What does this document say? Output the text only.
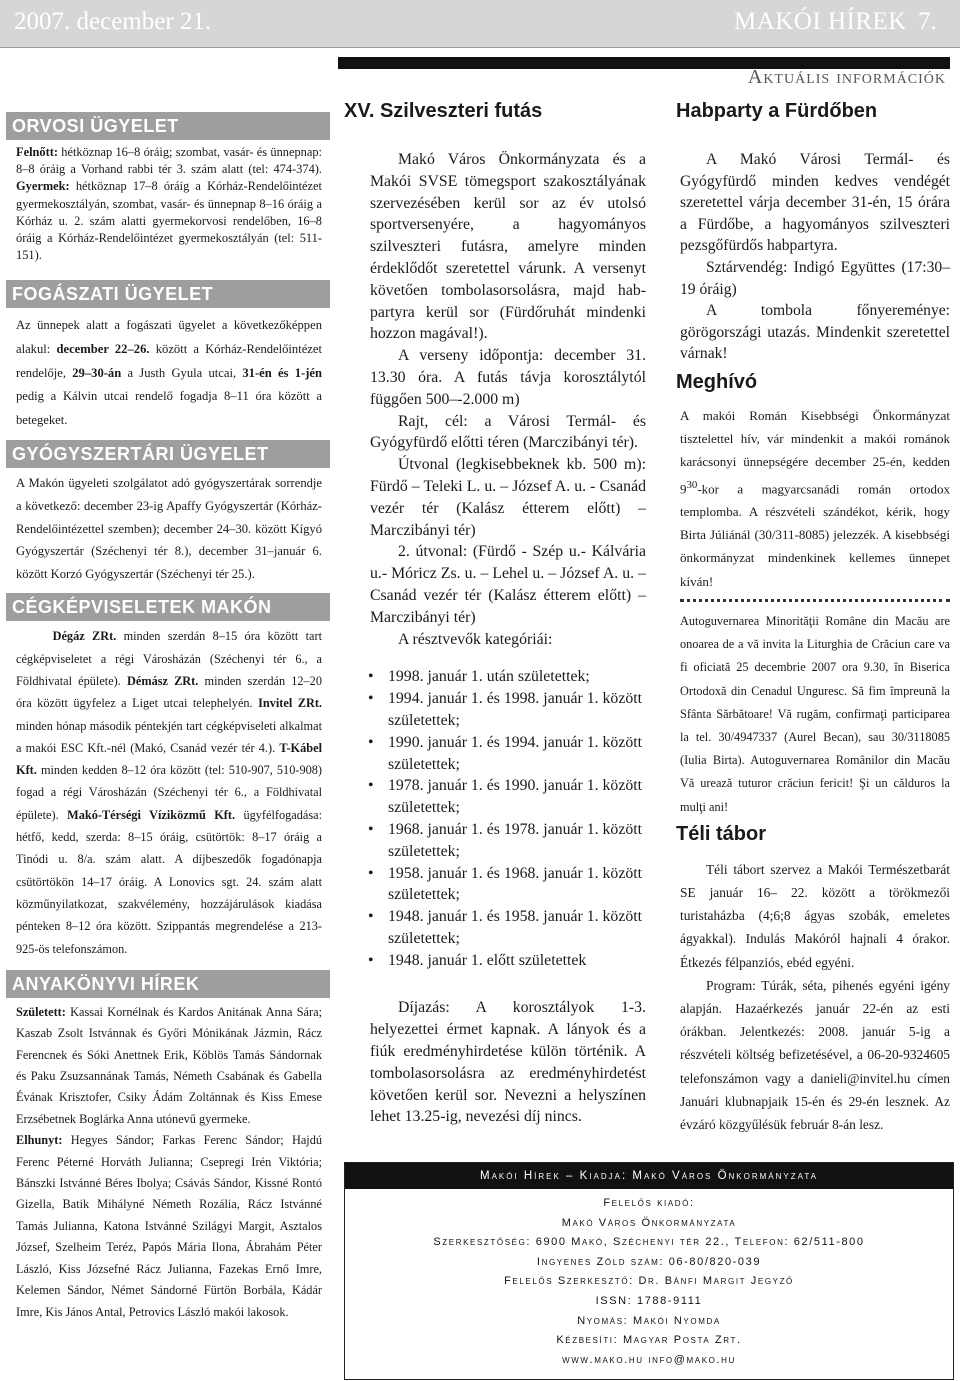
2007. december 21.	MAKÓI HÍREK 7.
Aktuális információk
ORVOSI ÜGYELET
Felnőtt: hétköznap 16–8 óráig; szombat, vasár- és ünnepnap: 8–8 óráig a Vorhand rabbi tér 3. szám alatt (tel: 474-374). Gyermek: hétköznap 17–8 óráig a Kórház-Rendelőintézet gyermekosztályán, szombat, vasár- és ünnepnap 8–16 óráig a Kórház u. 2. szám alatti gyermekorvosi rendelőben, 16–8 óráig a Kórház-Rendelőintézet gyermekosztályán (tel: 511-151).
FOGÁSZATI ÜGYELET
Az ünnepek alatt a fogászati ügyelet a következőképpen alakul: december 22–26. között a Kórház-Rendelőintézet rendelője, 29–30-án a Justh Gyula utcai, 31-én és 1-jén pedig a Kálvin utcai rendelő fogadja 8–11 óra között a betegeket.
GYÓGYSZERTÁRI ÜGYELET
A Makón ügyeleti szolgálatot adó gyógyszertárak sorrendje a következő: december 23-ig Apaffy Gyógyszertár (Kórház-Rendelőintézettel szemben); december 24–30. között Kígyó Gyógyszertár (Széchenyi tér 8.), december 31–január 6. között Korzó Gyógyszertár (Széchenyi tér 25.).
CÉGKÉPVISELETEK MAKÓN
Dégáz ZRt. minden szerdán 8–15 óra között tart cégképviseletet a régi Városházán (Széchenyi tér 6., a Földhivatal épülete). Démász ZRt. minden szerdán 12–20 óra között ügyfelez a Liget utcai telephelyén. Invitel ZRt. minden hónap második péntekjén tart cégképviseleti alkalmat a makói ESC Kft.-nél (Makó, Csanád vezér tér 4.). T-Kábel Kft. minden kedden 8–12 óra között (tel: 510-907, 510-908) fogad a régi Városházán (Széchenyi tér 6., a Földhivatal épülete). Makó-Térségi Víziközmű Kft. ügyfélfogadása: hétfő, kedd, szerda: 8–15 óráig, csütörtök: 8–17 óráig a Tinódi u. 8/a. szám alatt. A díjbeszedők fogadónapja csütörtökön 14–17 óráig. A Lonovics sgt. 24. szám alatt közműnyilatkozat, szakvélemény, hozzájárulások kiadása pénteken 8–12 óra között. Szippantás megrendelése a 213-925-ös telefonszámon.
ANYAKÖNYVI HÍREK
Született: Kassai Kornélnak és Kardos Anitának Anna Sára; Kaszab Zsolt Istvánnak és Győri Mónikának Jázmin, Rácz Ferencnek és Sóki Anettnek Erik, Köblös Tamás Sándornak és Paku Zsuzsannának Tamás, Németh Csabának és Gabella Évának Krisztofer, Csiky Ádám Zoltánnak és Kiss Emese Erzsébetnek Boglárka Anna utónevű gyermeke.
Elhunyt: Hegyes Sándor; Farkas Ferenc Sándor; Hajdú Ferenc Péterné Horváth Julianna; Csepregi Irén Viktória; Bánszki Istvánné Béres Ibolya; Csávás Sándor, Kissné Rontó Gizella, Batik Mihályné Németh Rozália, Rácz Istvánné Tamás Julianna, Katona Istvánné Szilágyi Margit, Asztalos József, Szelheim Teréz, Papós Mária Ilona, Ábrahám Péter László, Kiss Józsefné Rácz Julianna, Fazekas Ernő Imre, Kelemen Sándor, Német Sándorné Fürtön Borbála, Kádár Imre, Kis János Antal, Petrovics László makói lakosok.
XV. Szilveszteri futás

Makó Város Önkormányzata és a Makói SVSE tömegsport szakosztályának szervezésében kerül sor az év utolsó sportversenyére, a hagyományos szilveszteri futásra, amelyre minden érdeklődőt szeretettel várunk. A versenyt követően tombolasorsolásra, majd hab-partyra kerül sor (Fürdőruhát mindenki hozzon magával!).

A verseny időpontja: december 31. 13.30 óra. A futás távja korosztálytól függően 500–-2.000 m)

Rajt, cél: a Városi Termál- és Gyógyfürdő előtti téren (Marczibányi tér).

Útvonal (legkisebbeknek kb. 500 m): Fürdő – Teleki L. u. – József A. u. - Csanád vezér tér (Kalász étterem előtt) – Marczibányi tér)

2. útvonal: (Fürdő - Szép u.- Kálvária u.- Móricz Zs. u. – Lehel u. – József A. u. – Csanád vezér tér (Kalász étterem előtt) – Marczibányi tér)

A résztvevők kategóriái:

• 1998. január 1. után születettek;
• 1994. január 1. és 1998. január 1. között születettek;
• 1990. január 1. és 1994. január 1. között születettek;
• 1978. január 1. és 1990. január 1. között születettek;
• 1968. január 1. és 1978. január 1. között születettek;
• 1958. január 1. és 1968. január 1. között születettek;
• 1948. január 1. és 1958. január 1. között születettek;
• 1948. január 1. előtt születettek

Díjazás: A korosztályok 1-3. helyezettei érmet kapnak. A lányok és a fiúk eredményhirdetése külön történik. A tombolasorsolásra az eredményhirdetést követően kerül sor. Nevezni a helyszínen lehet 13.25-ig, nevezési díj nincs.

Habparty a Fürdőben

A Makó Városi Termál- és Gyógyfürdő minden kedves vendégét szeretettel várja december 31-én, 15 órára a Fürdőbe, a hagyományos szilveszteri pezsgőfürdős habpartyra.

Sztárvendég: Indigó Együttes (17:30–19 óráig)

A tombola főnyereménye: görögországi utazás. Mindenkit szeretettel várnak!

Meghívó
A makói Román Kisebbségi Önkormányzat tisztelettel hív, vár mindenkit a makói románok karácsonyi ünnepségére december 25-én, kedden $9^{30}$-kor a magyarcsanádi román ortodox templomba. A részvételi szándékot, kérik, hogy Birta Júliánál (30/311-8085) jelezzék. A kisebbségi önkormányzat mindenkinek kellemes ünnepet kíván!
Autoguvernarea Minorităţii Române din Macău are onoarea de a vă invita la Liturghia de Crăciun care va fi oficiată 25 decembrie 2007 ora 9.30, în Biserica Ortodoxă din Cenadul Unguresc. Să fim împreună la Sfânta Sărbătoare! Vă rugăm, confirmaţi participarea la tel. 30/4947337 (Aurel Becan), sau 30/3118085 (Iulia Birta). Autoguvernarea Românilor din Macău Vă urează tuturor crăciun fericit! Şi un călduros la mulţi ani!
Téli tábor

Téli tábort szervez a Makói Természetbarát SE január 16– 22. között a törökmezői turistaházba (4;6;8 ágyas szobák, emeletes ágyakkal). Indulás Makóról hajnali 4 órakor. Étkezés félpanziós, ebéd egyéni.

Program: Túrák, séta, pihenés egyéni igény alapján. Hazaérkezés január 22-én az esti órákban. Jelentkezés: 2008. január 5-ig a részvételi költség befizetésével, a 06-20-9324605 telefonszámon vagy a danieli@invitel.hu címen Januári klubnapjaik 15-én és 29-én lesznek. Az évzáró közgyűlésük február 8-án lesz.

Makói Hírek – Kiadja: Makó Város Önkormányzata
Felelős kiadó:
Makó Város Önkormányzata
Szerkesztőség: 6900 Makó, Széchenyi tér 22., Telefon: 62/511-800
Ingyenes Zöld szám: 06-80/820-039
Felelős Szerkesztő: Dr. Bánfi Margit Jegyző
ISSN: 1788-9111
Nyomás: Makói Nyomda
Kézbesíti: Magyar Posta Zrt.
www.mako.hu info@mako.hu
